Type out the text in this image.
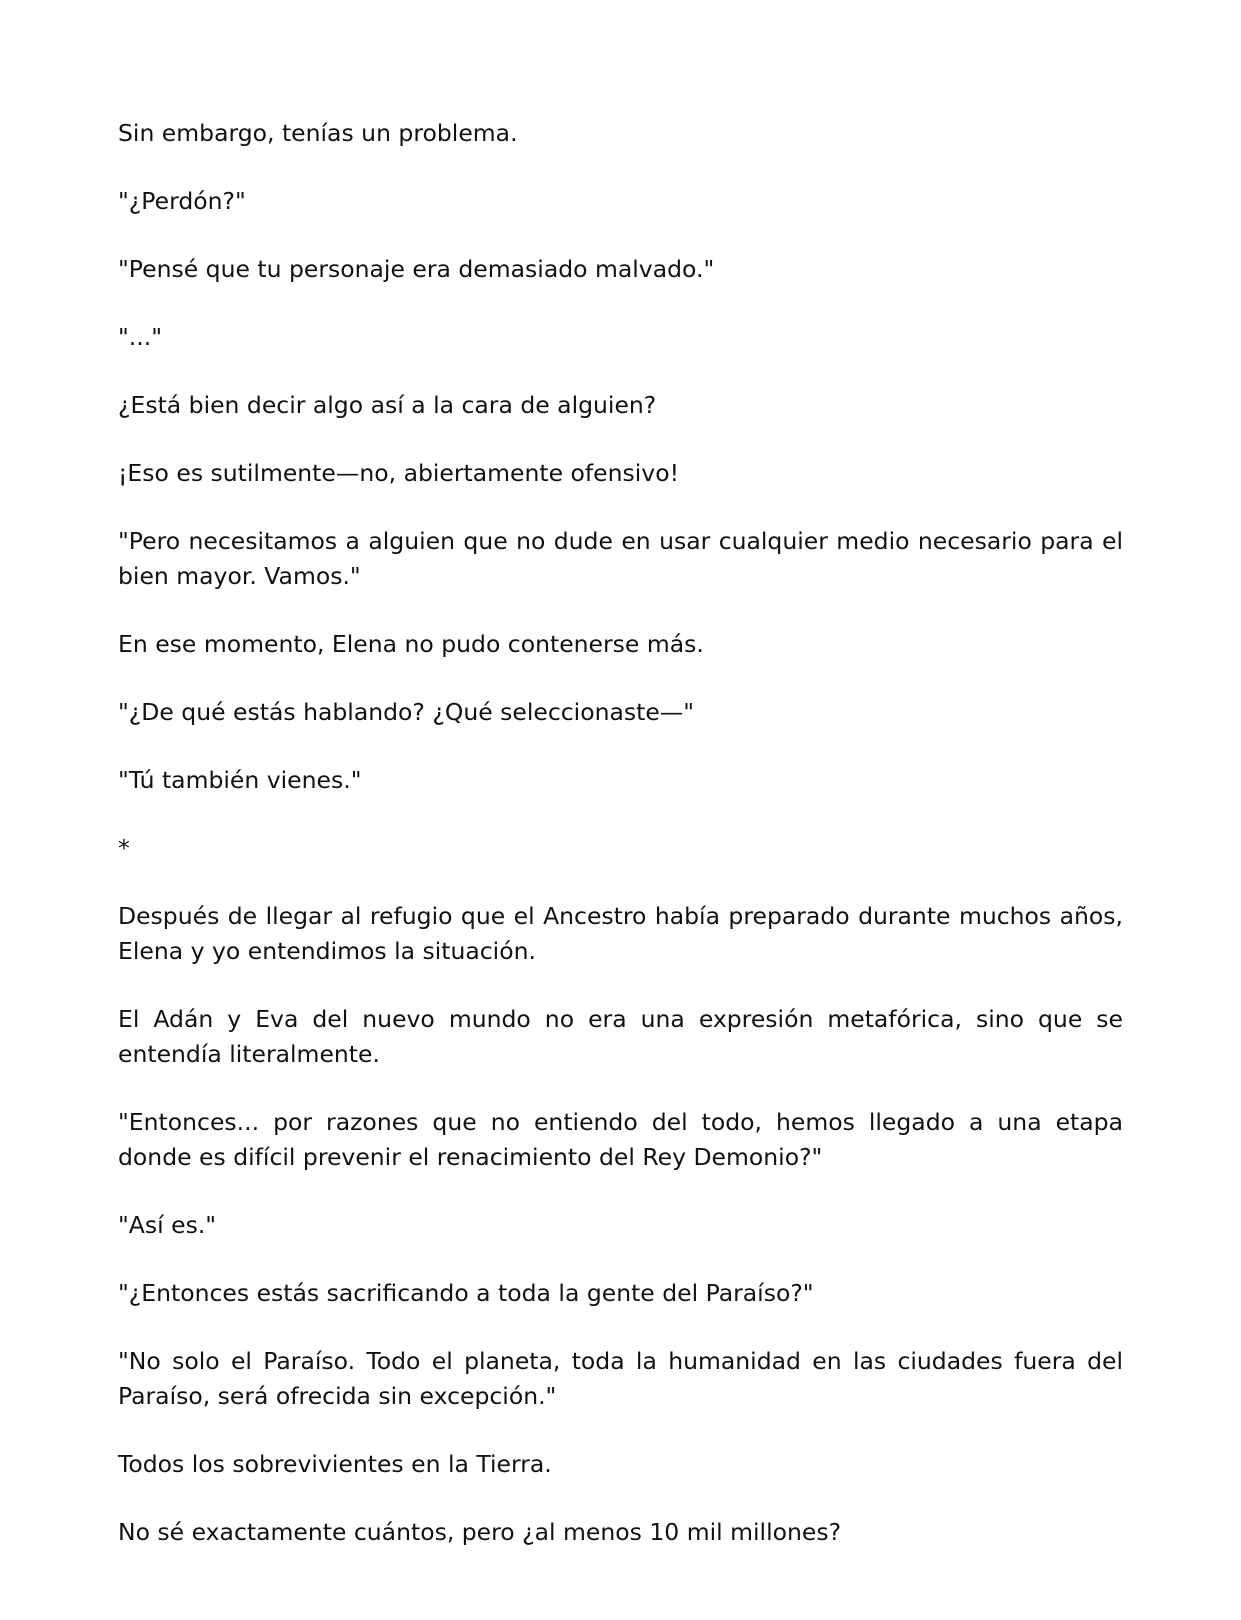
Sin embargo, tenías un problema.

"¿Perdón?"

"Pensé que tu personaje era demasiado malvado."

"..."

¿Está bien decir algo así a la cara de alguien?

¡Eso es sutilmente—no, abiertamente ofensivo!

"Pero necesitamos a alguien que no dude en usar cualquier medio necesario para el bien mayor. Vamos."

En ese momento, Elena no pudo contenerse más.

"¿De qué estás hablando? ¿Qué seleccionaste—"

"Tú también vienes."

*

Después de llegar al refugio que el Ancestro había preparado durante muchos años, Elena y yo entendimos la situación.

El Adán y Eva del nuevo mundo no era una expresión metafórica, sino que se entendía literalmente.

"Entonces... por razones que no entiendo del todo, hemos llegado a una etapa donde es difícil prevenir el renacimiento del Rey Demonio?"

"Así es."

"¿Entonces estás sacrificando a toda la gente del Paraíso?"

"No solo el Paraíso. Todo el planeta, toda la humanidad en las ciudades fuera del Paraíso, será ofrecida sin excepción."

Todos los sobrevivientes en la Tierra.

No sé exactamente cuántos, pero ¿al menos 10 mil millones?
